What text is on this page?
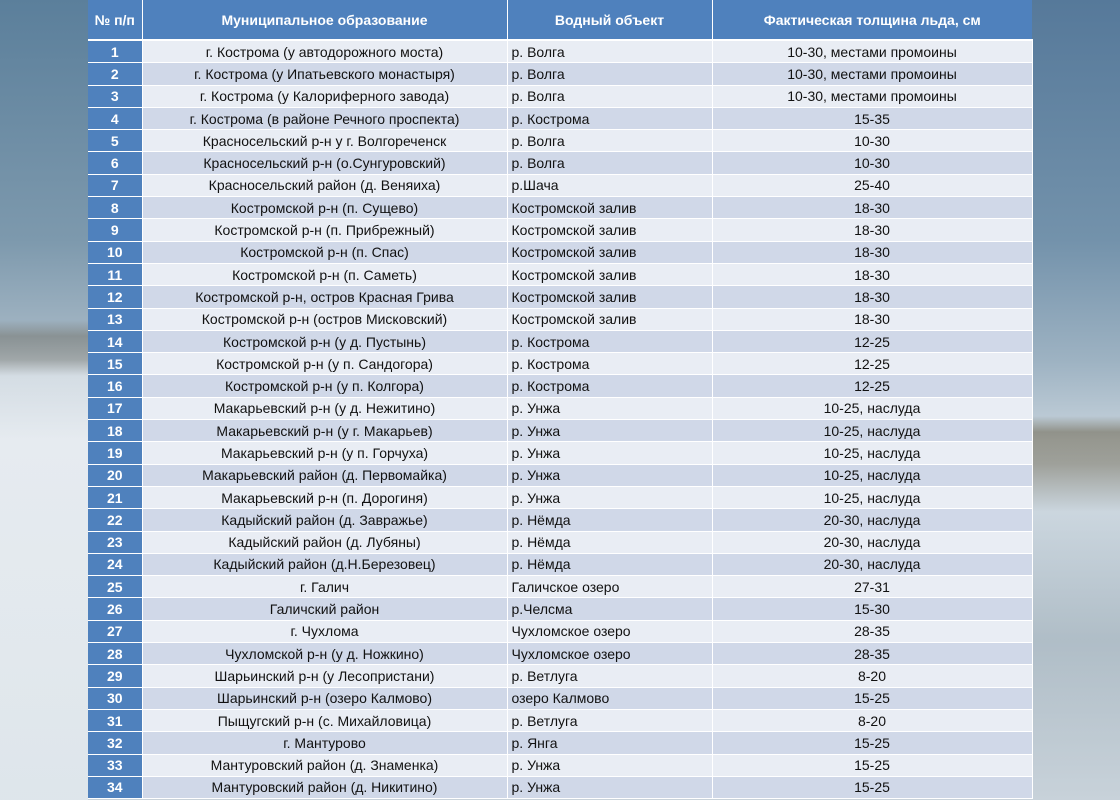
№ п/п	Муниципальное образование	Водный объект	Фактическая толщина льда, см
1	г. Кострома (у автодорожного моста)	р. Волга	10-30, местами промоины
2	г. Кострома (у Ипатьевского монастыря)	р. Волга	10-30, местами промоины
3	г. Кострома (у Калориферного завода)	р. Волга	10-30, местами промоины
4	г. Кострома (в районе Речного проспекта)	р. Кострома	15-35
5	Красносельский р-н у г. Волгореченск	р. Волга	10-30
6	Красносельский р-н (о.Сунгуровский)	р. Волга	10-30
7	Красносельский район (д. Веняиха)	р.Шача	25-40
8	Костромской р-н (п. Сущево)	Костромской залив	18-30
9	Костромской р-н (п. Прибрежный)	Костромской залив	18-30
10	Костромской р-н (п. Спас)	Костромской залив	18-30
11	Костромской р-н (п. Саметь)	Костромской залив	18-30
12	Костромской р-н, остров Красная Грива	Костромской залив	18-30
13	Костромской р-н (остров Мисковский)	Костромской залив	18-30
14	Костромской р-н (у д. Пустынь)	р. Кострома	12-25
15	Костромской р-н (у п. Сандогора)	р. Кострома	12-25
16	Костромской р-н (у п. Колгора)	р. Кострома	12-25
17	Макарьевский р-н (у д. Нежитино)	р. Унжа	10-25, наслуда
18	Макарьевский р-н (у г. Макарьев)	р. Унжа	10-25, наслуда
19	Макарьевский р-н (у п. Горчуха)	р. Унжа	10-25, наслуда
20	Макарьевский район (д. Первомайка)	р. Унжа	10-25, наслуда
21	Макарьевский р-н (п. Дорогиня)	р. Унжа	10-25, наслуда
22	Кадыйский район (д. Завражье)	р. Нёмда	20-30, наслуда
23	Кадыйский район (д. Лубяны)	р. Нёмда	20-30, наслуда
24	Кадыйский район (д.Н.Березовец)	р. Нёмда	20-30, наслуда
25	г. Галич	Галичское озеро	27-31
26	Галичский район	р.Челсма	15-30
27	г. Чухлома	Чухломское озеро	28-35
28	Чухломской р-н (у д. Ножкино)	Чухломское озеро	28-35
29	Шарьинский р-н (у Лесопристани)	р. Ветлуга	8-20
30	Шарьинский р-н (озеро Калмово)	озеро Калмово	15-25
31	Пыщугский р-н (с. Михайловица)	р. Ветлуга	8-20
32	г. Мантурово	р. Янга	15-25
33	Мантуровский район (д. Знаменка)	р. Унжа	15-25
34	Мантуровский район (д. Никитино)	р. Унжа	15-25
